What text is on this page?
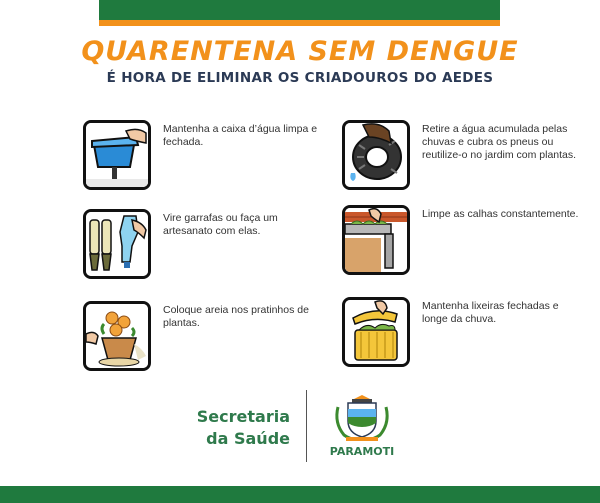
QUARENTENA SEM DENGUE
É HORA DE ELIMINAR OS CRIADOUROS DO AEDES
Mantenha a caixa d’água limpa e fechada.
Retire a água acumulada pelas chuvas e cubra os pneus ou reutilize-o no jardim com plantas.
Vire garrafas ou faça um artesanato com elas.
Limpe as calhas constantemente.
Coloque areia nos pratinhos de plantas.
Mantenha lixeiras fechadas e longe da chuva.
Secretaria
da Saúde
PARAMOTI
